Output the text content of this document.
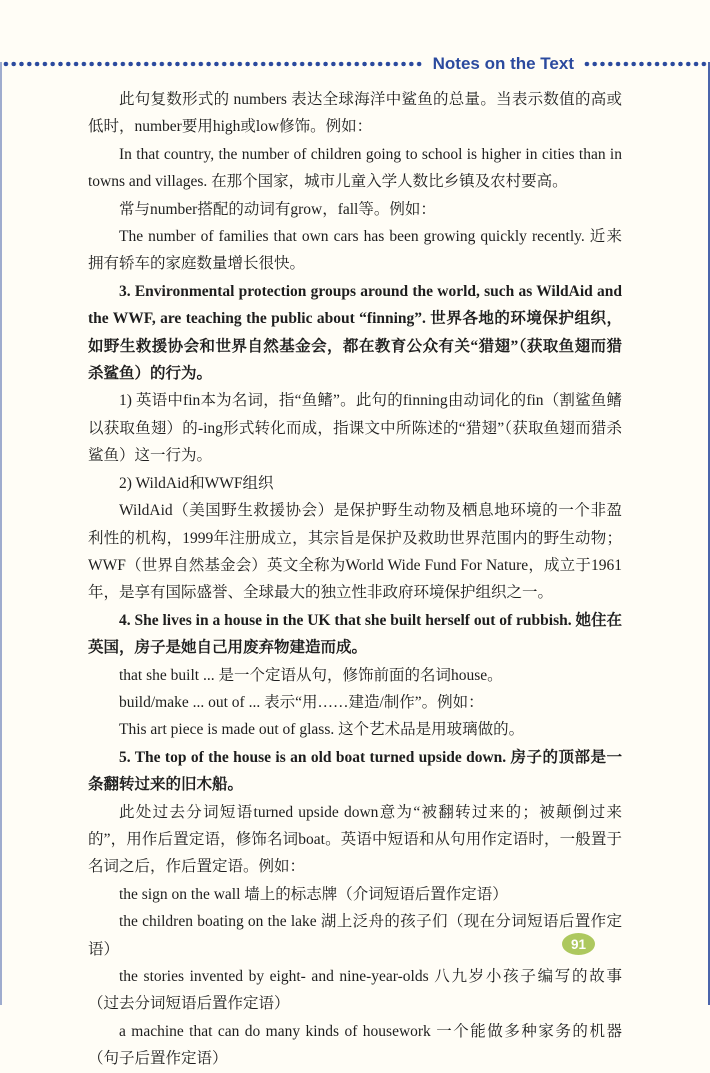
Notes on the Text

此句复数形式的 numbers 表达全球海洋中鲨鱼的总量。当表示数值的高或低时，number要用high或low修饰。例如：

In that country, the number of children going to school is higher in cities than in towns and villages. 在那个国家，城市儿童入学人数比乡镇及农村要高。

常与number搭配的动词有grow，fall等。例如：

The number of families that own cars has been growing quickly recently. 近来拥有轿车的家庭数量增长很快。

3. Environmental protection groups around the world, such as WildAid and the WWF, are teaching the public about “finning”. 世界各地的环境保护组织，如野生救援协会和世界自然基金会，都在教育公众有关“猎翅”（获取鱼翅而猎杀鲨鱼）的行为。

1) 英语中fin本为名词，指“鱼鳍”。此句的finning由动词化的fin（割鲨鱼鳍以获取鱼翅）的-ing形式转化而成，指课文中所陈述的“猎翅”（获取鱼翅而猎杀鲨鱼）这一行为。

2) WildAid和WWF组织

WildAid（美国野生救援协会）是保护野生动物及栖息地环境的一个非盈利性的机构，1999年注册成立，其宗旨是保护及救助世界范围内的野生动物；WWF（世界自然基金会）英文全称为World Wide Fund For Nature，成立于1961年，是享有国际盛誉、全球最大的独立性非政府环境保护组织之一。

4. She lives in a house in the UK that she built herself out of rubbish. 她住在英国，房子是她自己用废弃物建造而成。

that she built ... 是一个定语从句，修饰前面的名词house。

build/make ... out of ... 表示“用……建造/制作”。例如：

This art piece is made out of glass. 这个艺术品是用玻璃做的。

5. The top of the house is an old boat turned upside down. 房子的顶部是一条翻转过来的旧木船。

此处过去分词短语turned upside down意为“被翻转过来的；被颠倒过来的”，用作后置定语，修饰名词boat。英语中短语和从句用作定语时，一般置于名词之后，作后置定语。例如：

the sign on the wall 墙上的标志牌（介词短语后置作定语）

the children boating on the lake 湖上泛舟的孩子们（现在分词短语后置作定语）

the stories invented by eight- and nine-year-olds 八九岁小孩子编写的故事（过去分词短语后置作定语）

a machine that can do many kinds of housework 一个能做多种家务的机器（句子后置作定语）

91
